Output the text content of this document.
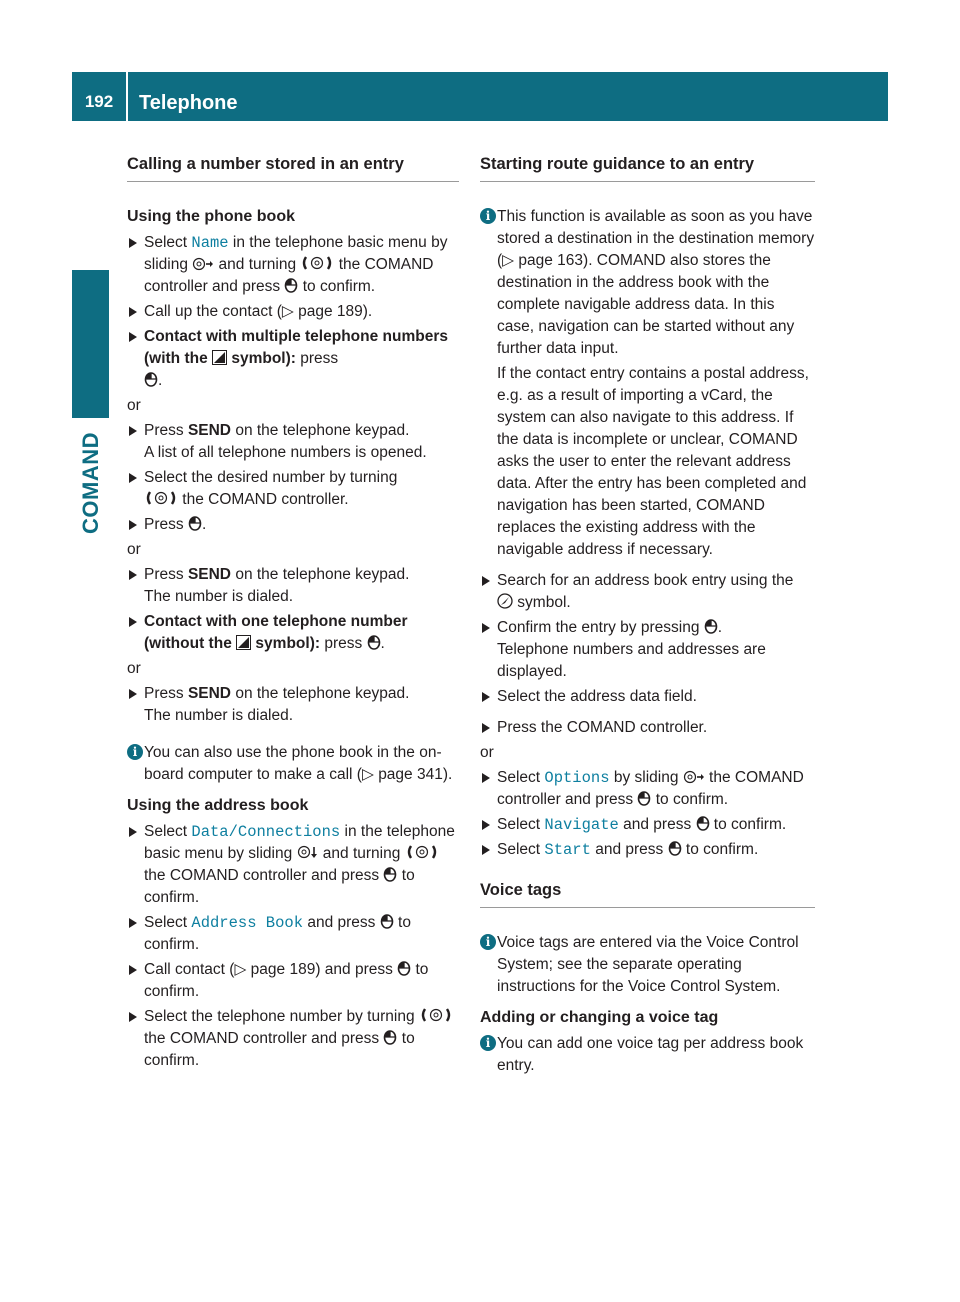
192	Telephone
COMAND
Calling a number stored in an entry
Using the phone book

Select Name in the telephone basic menu by sliding  and turning  the COMAND controller and press  to confirm.

Call up the contact (▷ page 189).

Contact with multiple telephone numbers (with the  symbol): press
.

or

Press SEND on the telephone keypad.
A list of all telephone numbers is opened.

Select the desired number by turning
the COMAND controller.

Press .

or

Press SEND on the telephone keypad.
The number is dialed.

Contact with one telephone number (without the  symbol): press .

or

Press SEND on the telephone keypad.
The number is dialed.

i You can also use the phone book in the on-board computer to make a call (▷ page 341).

Using the address book

Select Data/Connections in the telephone basic menu by sliding  and turning  the COMAND controller and press  to confirm.

Select Address Book and press  to confirm.

Call contact (▷ page 189) and press  to confirm.

Select the telephone number by turning  the COMAND controller and press  to confirm.

Starting route guidance to an entry
i This function is available as soon as you have stored a destination in the destination memory (▷ page 163). COMAND also stores the destination in the address book with the complete navigable address data. In this case, navigation can be started without any further data input.

If the contact entry contains a postal address, e.g. as a result of importing a vCard, the system can also navigate to this address. If the data is incomplete or unclear, COMAND asks the user to enter the relevant address data. After the entry has been completed and navigation has been started, COMAND replaces the existing address with the navigable address if necessary.

Search for an address book entry using the
symbol.

Confirm the entry by pressing .
Telephone numbers and addresses are displayed.

Select the address data field.

Press the COMAND controller.

or

Select Options by sliding  the COMAND controller and press  to confirm.

Select Navigate and press  to confirm.

Select Start and press  to confirm.

Voice tags
i Voice tags are entered via the Voice Control System; see the separate operating instructions for the Voice Control System.

Adding or changing a voice tag
i You can add one voice tag per address book entry.
